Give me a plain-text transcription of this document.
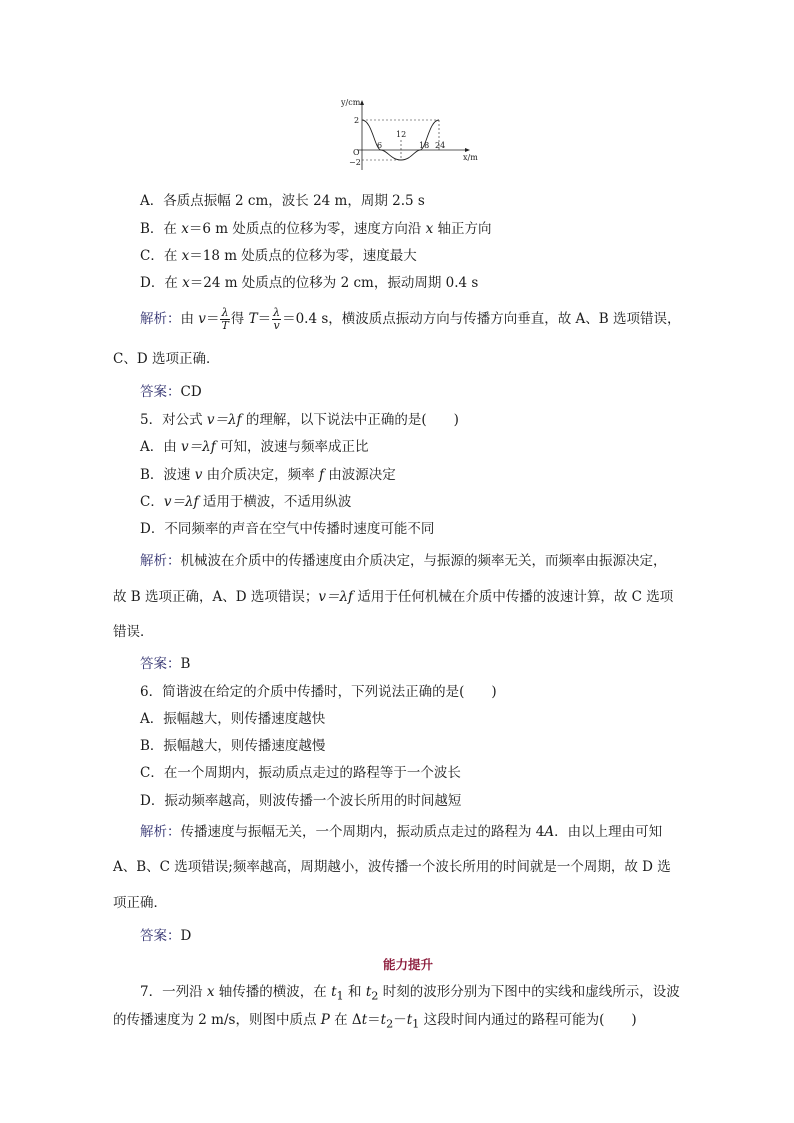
y/cm
x/m
O
2
−2
6
12
18 24
A．各质点振幅 2 cm，波长 24 m，周期 2.5 s
B．在 x＝6 m 处质点的位移为零，速度方向沿 x 轴正方向
C．在 x＝18 m 处质点的位移为零，速度最大
D．在 x＝24 m 处质点的位移为 2 cm，振动周期 0.4 s
解析：由 $v= \frac{\lambda}{T}$ 得 $T= \frac{\lambda}{v} =0.4$ s，横波质点振动方向与传播方向垂直，故 A、B 选项错误，
C、D 选项正确．
答案：CD
5．对公式 v＝λf 的理解，以下说法中正确的是(　　)
A．由 v＝λf 可知，波速与频率成正比
B．波速 v 由介质决定，频率 f 由波源决定
C．v＝λf 适用于横波，不适用纵波
D．不同频率的声音在空气中传播时速度可能不同
解析：机械波在介质中的传播速度由介质决定，与振源的频率无关，而频率由振源决定，
故 B 选项正确，A、D 选项错误；v＝λf 适用于任何机械在介质中传播的波速计算，故 C 选项
错误．
答案：B
6．简谐波在给定的介质中传播时，下列说法正确的是(　　)
A．振幅越大，则传播速度越快
B．振幅越大，则传播速度越慢
C．在一个周期内，振动质点走过的路程等于一个波长
D．振动频率越高，则波传播一个波长所用的时间越短
解析：传播速度与振幅无关，一个周期内，振动质点走过的路程为 4A．由以上理由可知
A、B、C 选项错误;频率越高，周期越小，波传播一个波长所用的时间就是一个周期，故 D 选
项正确．
答案：D
能力提升
7．一列沿 x 轴传播的横波，在 $t_1$ 和 $t_2$ 时刻的波形分别为下图中的实线和虚线所示，设波
的传播速度为 2 m/s，则图中质点 P 在 $\Delta t=t_2-t_1$ 这段时间内通过的路程可能为(　　)
